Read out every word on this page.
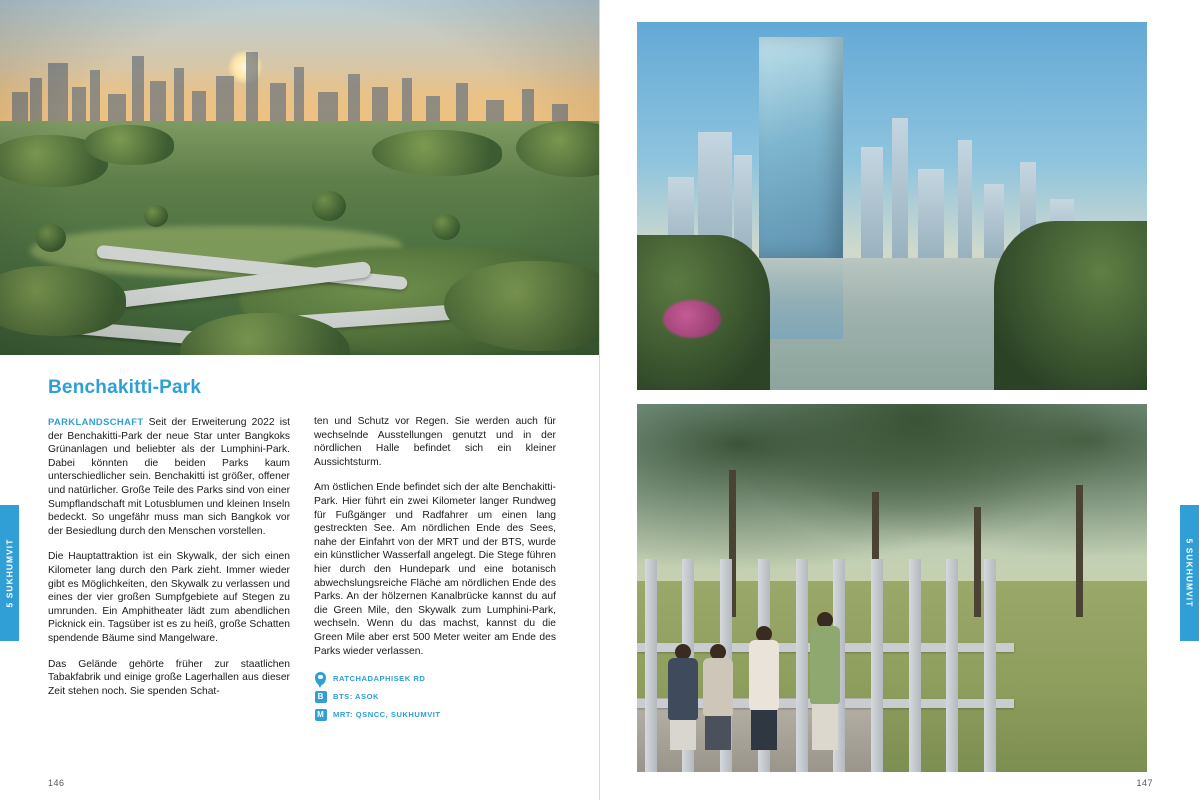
Benchakitti-Park

PARKLANDSCHAFT Seit der Erweiterung 2022 ist der Benchakitti-Park der neue Star unter Bangkoks Grünanlagen und beliebter als der Lumphini-Park. Dabei könnten die beiden Parks kaum unterschiedlicher sein. Benchakitti ist größer, offener und natürlicher. Große Teile des Parks sind von einer Sumpflandschaft mit Lotusblumen und kleinen Inseln bedeckt. So ungefähr muss man sich Bangkok vor der Besiedlung durch den Menschen vorstellen.

Die Hauptattraktion ist ein Skywalk, der sich einen Kilometer lang durch den Park zieht. Immer wieder gibt es Möglichkeiten, den Skywalk zu verlassen und eines der vier großen Sumpfgebiete auf Stegen zu umrunden. Ein Amphitheater lädt zum abendlichen Picknick ein. Tagsüber ist es zu heiß, große Schatten spendende Bäume sind Mangelware.

Das Gelände gehörte früher zur staatlichen Tabakfabrik und einige große Lagerhallen aus dieser Zeit stehen noch. Sie spenden Schat-

ten und Schutz vor Regen. Sie werden auch für wechselnde Ausstellungen genutzt und in der nördlichen Halle befindet sich ein kleiner Aussichtsturm.

Am östlichen Ende befindet sich der alte Benchakitti-Park. Hier führt ein zwei Kilometer langer Rundweg für Fußgänger und Radfahrer um einen lang gestreckten See. Am nördlichen Ende des Sees, nahe der Einfahrt von der MRT und der BTS, wurde ein künstlicher Wasserfall angelegt. Die Stege führen hier durch den Hundepark und eine botanisch abwechslungsreiche Fläche am nördlichen Ende des Parks. An der hölzernen Kanalbrücke kannst du auf die Green Mile, den Skywalk zum Lumphini-Park, wechseln. Wenn du das machst, kannst du die Green Mile aber erst 500 Meter weiter am Ende des Parks wieder verlassen.

RATCHADAPHISEK RD
B	BTS: ASOK
M	MRT: QSNCC, SUKHUMVIT
5 SUKHUMVIT
146
5 SUKHUMVIT
147
